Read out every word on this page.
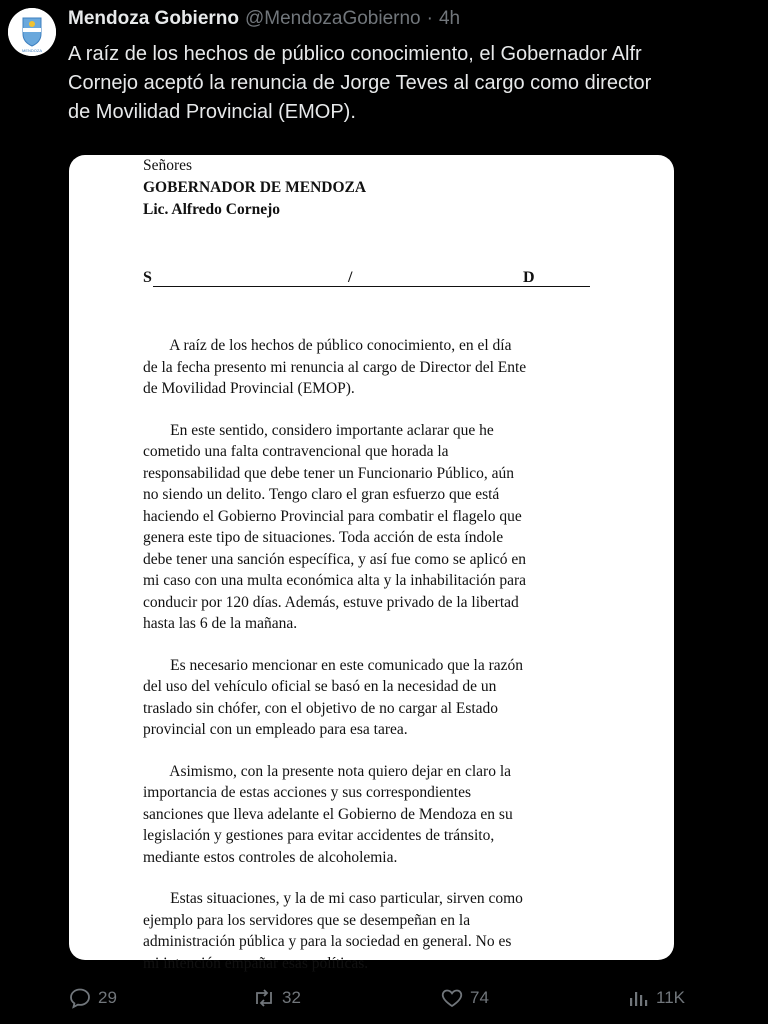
MENDOZA
Mendoza Gobierno @MendozaGobierno · 4h
A raíz de los hechos de público conocimiento, el Gobernador Alfr
Cornejo aceptó la renuncia de Jorge Teves al cargo como director
de Movilidad Provincial (EMOP).
Señores
GOBERNADOR DE MENDOZA
Lic. Alfredo Cornejo
S	/	D
A raíz de los hechos de público conocimiento, en el día
de la fecha presento mi renuncia al cargo de Director del Ente
de Movilidad Provincial (EMOP).
En este sentido, considero importante aclarar que he
cometido una falta contravencional que horada la
responsabilidad que debe tener un Funcionario Público, aún
no siendo un delito. Tengo claro el gran esfuerzo que está
haciendo el Gobierno Provincial para combatir el flagelo que
genera este tipo de situaciones. Toda acción de esta índole
debe tener una sanción específica, y así fue como se aplicó en
mi caso con una multa económica alta y la inhabilitación para
conducir por 120 días. Además, estuve privado de la libertad
hasta las 6 de la mañana.
Es necesario mencionar en este comunicado que la razón
del uso del vehículo oficial se basó en la necesidad de un
traslado sin chófer, con el objetivo de no cargar al Estado
provincial con un empleado para esa tarea.
Asimismo, con la presente nota quiero dejar en claro la
importancia de estas acciones y sus correspondientes
sanciones que lleva adelante el Gobierno de Mendoza en su
legislación y gestiones para evitar accidentes de tránsito,
mediante estos controles de alcoholemia.
Estas situaciones, y la de mi caso particular, sirven como
ejemplo para los servidores que se desempeñan en la
administración pública y para la sociedad en general. No es
mi intención empañar esas políticas.
29	32	74	11K
